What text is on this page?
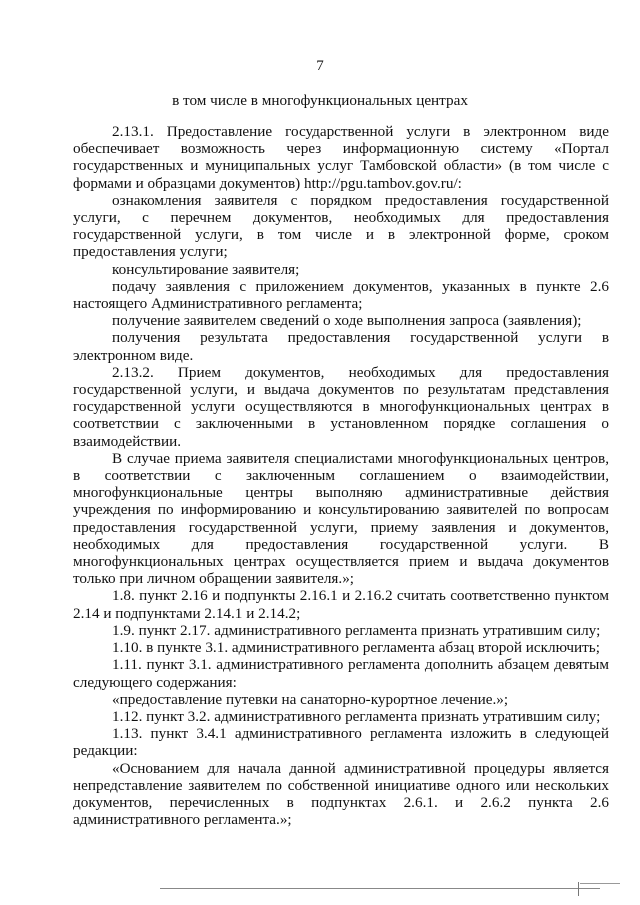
7
в том числе в многофункциональных центрах

2.13.1. Предоставление государственной услуги в электронном виде обеспечивает возможность через информационную систему «Портал государственных и муниципальных услуг Тамбовской области» (в том числе с формами и образцами документов) http://pgu.tambov.gov.ru/:

ознакомления заявителя с порядком предоставления государственной услуги, с перечнем документов, необходимых для предоставления государственной услуги, в том числе и в электронной форме, сроком предоставления услуги;

консультирование заявителя;

подачу заявления с приложением документов, указанных в пункте 2.6 настоящего Административного регламента;

получение заявителем сведений о ходе выполнения запроса (заявления);

получения результата предоставления государственной услуги в электронном виде.

2.13.2. Прием документов, необходимых для предоставления государственной услуги, и выдача документов по результатам представления государственной услуги осуществляются в многофункциональных центрах в соответствии с заключенными в установленном порядке соглашения о взаимодействии.

В случае приема заявителя специалистами многофункциональных центров, в соответствии с заключенным соглашением о взаимодействии, многофункциональные центры выполняю административные действия учреждения по информированию и консультированию заявителей по вопросам предоставления государственной услуги, приему заявления и документов, необходимых для предоставления государственной услуги. В многофункциональных центрах осуществляется прием и выдача документов только при личном обращении заявителя.»;

1.8. пункт 2.16 и подпункты 2.16.1 и 2.16.2 считать соответственно пунктом 2.14 и подпунктами 2.14.1 и 2.14.2;

1.9. пункт 2.17. административного регламента признать утратившим силу;

1.10. в пункте 3.1. административного регламента абзац второй исключить;

1.11. пункт 3.1. административного регламента дополнить абзацем девятым следующего содержания:

«предоставление путевки на санаторно-курортное лечение.»;

1.12. пункт 3.2. административного регламента признать утратившим силу;

1.13. пункт 3.4.1 административного регламента изложить в следующей редакции:

«Основанием для начала данной административной процедуры является непредставление заявителем по собственной инициативе одного или нескольких документов, перечисленных в подпунктах 2.6.1. и 2.6.2 пункта 2.6 административного регламента.»;
